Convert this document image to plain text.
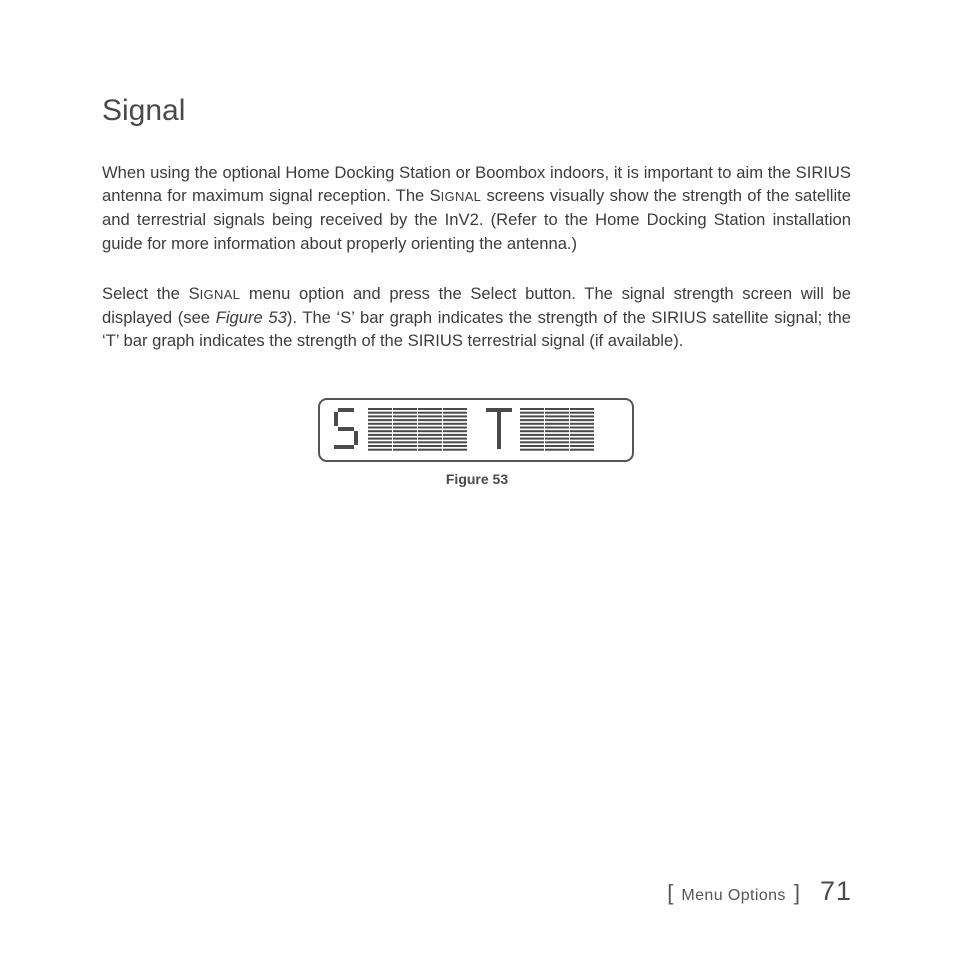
Signal

When using the optional Home Docking Station or Boombox indoors, it is important to aim the SIRIUS antenna for maximum signal reception. The SIGNAL screens visually show the strength of the satellite and terrestrial signals being received by the InV2. (Refer to the Home Docking Station installation guide for more information about properly orienting the antenna.)

Select the SIGNAL menu option and press the Select button. The signal strength screen will be displayed (see Figure 53). The ‘S’ bar graph indicates the strength of the SIRIUS satellite signal; the ‘T’ bar graph indicates the strength of the SIRIUS terrestrial signal (if available).

Figure 53
[ Menu Options ] 71
